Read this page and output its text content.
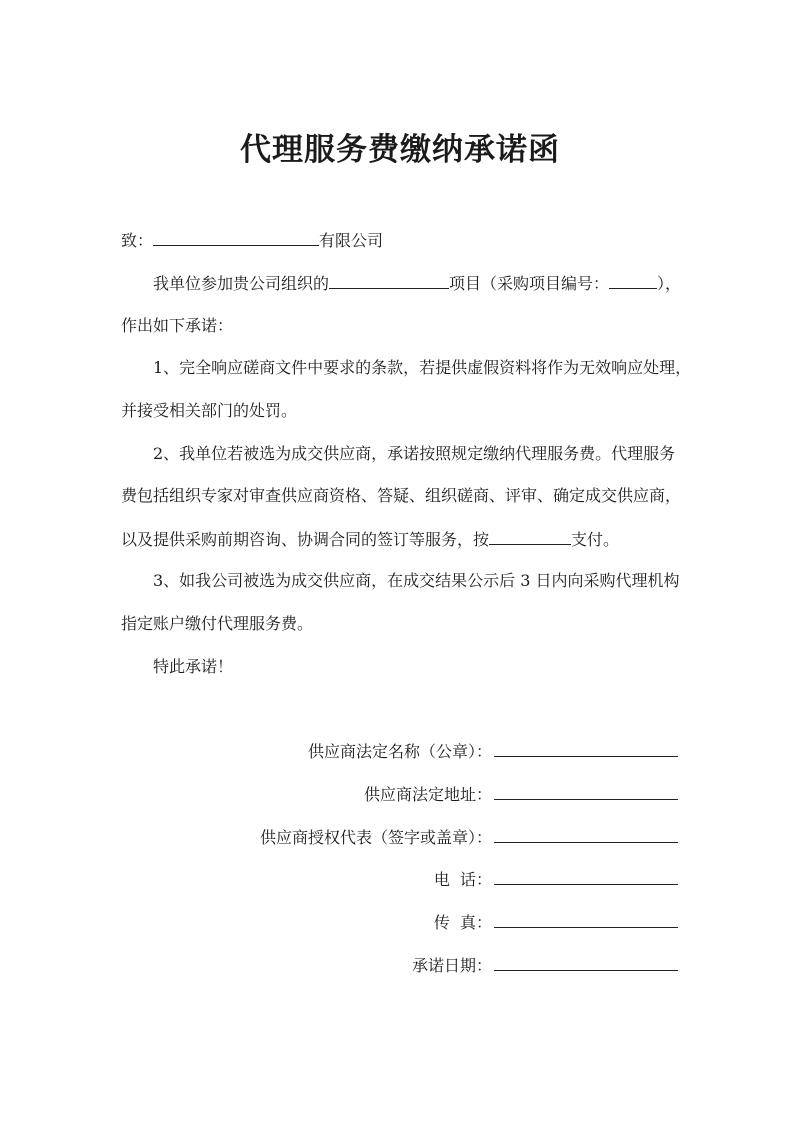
代理服务费缴纳承诺函
致：	有限公司
我单位参加贵公司组织的	项目（采购项目编号：	），
作出如下承诺：
1、完全响应磋商文件中要求的条款，若提供虚假资料将作为无效响应处理，
并接受相关部门的处罚。
2、我单位若被选为成交供应商，承诺按照规定缴纳代理服务费。代理服务
费包括组织专家对审查供应商资格、答疑、组织磋商、评审、确定成交供应商，
以及提供采购前期咨询、协调合同的签订等服务，按	支付。
3、如我公司被选为成交供应商，在成交结果公示后 3 日内向采购代理机构
指定账户缴付代理服务费。
特此承诺！
供应商法定名称（公章）：
供应商法定地址：
供应商授权代表（签字或盖章）：
电  话：
传  真：
承诺日期：
